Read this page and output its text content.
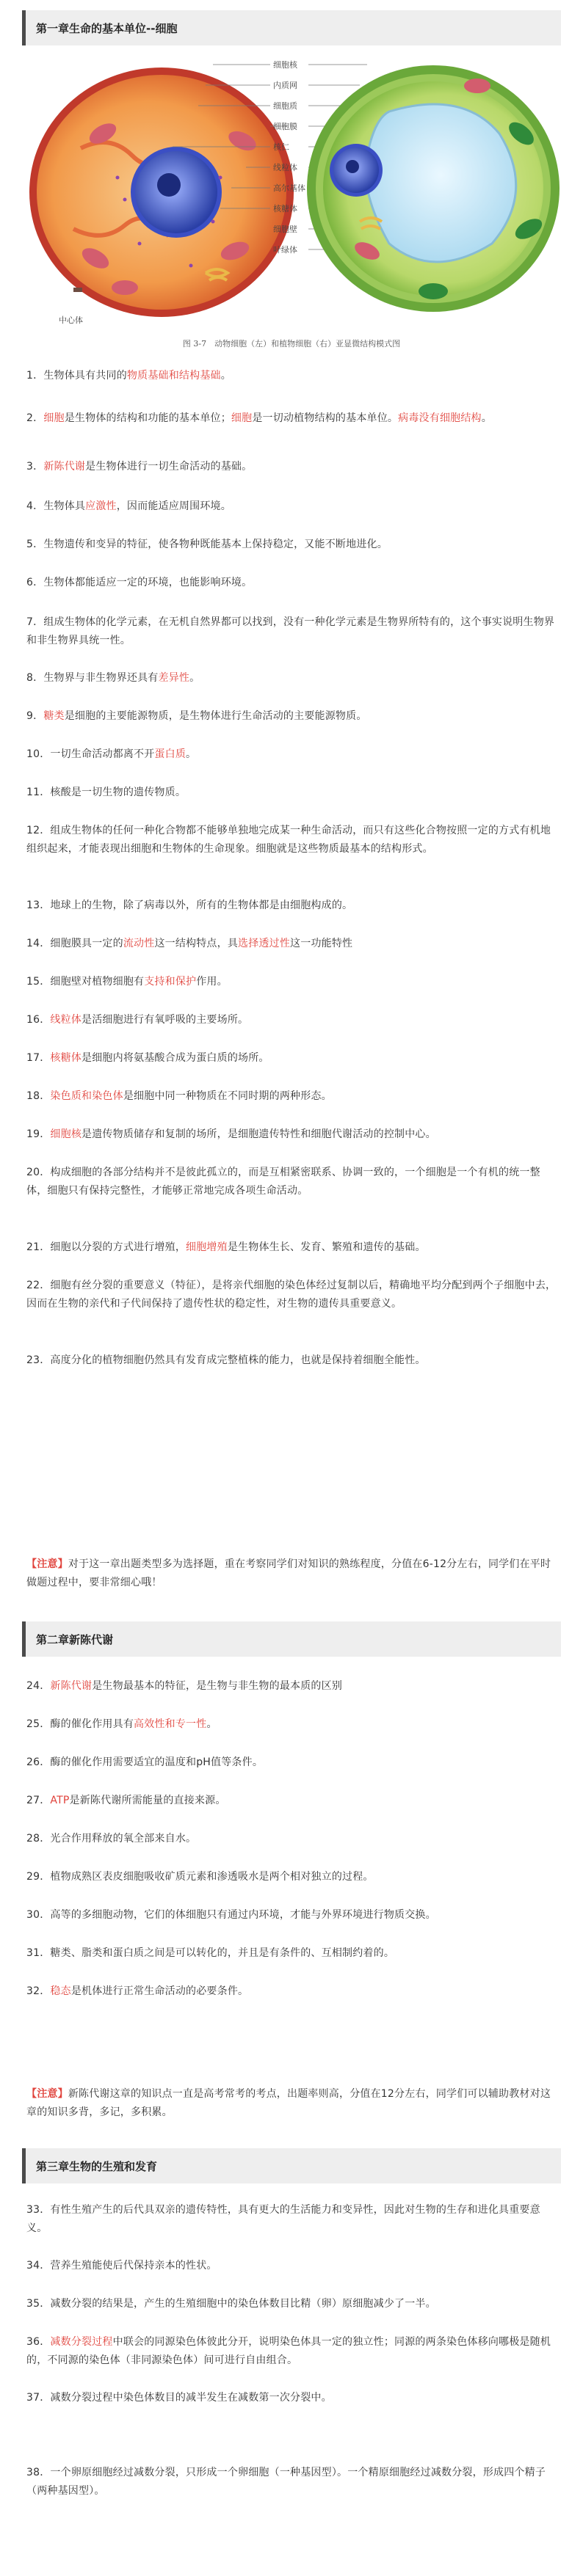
第一章生命的基本单位--细胞
中心体
细胞核
内质网
细胞质
细胞膜
核仁
线粒体
高尔基体
核糖体
细胞壁
叶绿体
图 3-7　动物细胞（左）和植物细胞（右）亚显微结构模式图
1．生物体具有共同的物质基础和结构基础。
2．细胞是生物体的结构和功能的基本单位；细胞是一切动植物结构的基本单位。病毒没有细胞结构。
3．新陈代谢是生物体进行一切生命活动的基础。
4．生物体具应激性，因而能适应周围环境。
5．生物遗传和变异的特征，使各物种既能基本上保持稳定，又能不断地进化。
6．生物体都能适应一定的环境，也能影响环境。
7．组成生物体的化学元素，在无机自然界都可以找到，没有一种化学元素是生物界所特有的，这个事实说明生物界和非生物界具统一性。
8．生物界与非生物界还具有差异性。
9．糖类是细胞的主要能源物质，是生物体进行生命活动的主要能源物质。
10．一切生命活动都离不开蛋白质。
11．核酸是一切生物的遗传物质。
12．组成生物体的任何一种化合物都不能够单独地完成某一种生命活动，而只有这些化合物按照一定的方式有机地组织起来，才能表现出细胞和生物体的生命现象。细胞就是这些物质最基本的结构形式。
13．地球上的生物，除了病毒以外，所有的生物体都是由细胞构成的。
14．细胞膜具一定的流动性这一结构特点，具选择透过性这一功能特性
15．细胞壁对植物细胞有支持和保护作用。
16．线粒体是活细胞进行有氧呼吸的主要场所。
17．核糖体是细胞内将氨基酸合成为蛋白质的场所。
18．染色质和染色体是细胞中同一种物质在不同时期的两种形态。
19．细胞核是遗传物质储存和复制的场所，是细胞遗传特性和细胞代谢活动的控制中心。
20．构成细胞的各部分结构并不是彼此孤立的，而是互相紧密联系、协调一致的，一个细胞是一个有机的统一整体，细胞只有保持完整性，才能够正常地完成各项生命活动。
21．细胞以分裂的方式进行增殖，细胞增殖是生物体生长、发育、繁殖和遗传的基础。
22．细胞有丝分裂的重要意义（特征），是将亲代细胞的染色体经过复制以后，精确地平均分配到两个子细胞中去，因而在生物的亲代和子代间保持了遗传性状的稳定性，对生物的遗传具重要意义。
23．高度分化的植物细胞仍然具有发育成完整植株的能力，也就是保持着细胞全能性。
【注意】对于这一章出题类型多为选择题，重在考察同学们对知识的熟练程度，分值在6-12分左右，同学们在平时做题过程中，要非常细心哦！
第二章新陈代谢
24．新陈代谢是生物最基本的特征，是生物与非生物的最本质的区别
25．酶的催化作用具有高效性和专一性。
26．酶的催化作用需要适宜的温度和pH值等条件。
27．ATP是新陈代谢所需能量的直接来源。
28．光合作用释放的氧全部来自水。
29．植物成熟区表皮细胞吸收矿质元素和渗透吸水是两个相对独立的过程。
30．高等的多细胞动物，它们的体细胞只有通过内环境，才能与外界环境进行物质交换。
31．糖类、脂类和蛋白质之间是可以转化的，并且是有条件的、互相制约着的。
32．稳态是机体进行正常生命活动的必要条件。
【注意】新陈代谢这章的知识点一直是高考常考的考点，出题率则高，分值在12分左右，同学们可以辅助教材对这章的知识多背，多记，多积累。
第三章生物的生殖和发育
33．有性生殖产生的后代具双亲的遗传特性，具有更大的生活能力和变异性，因此对生物的生存和进化具重要意义。
34．营养生殖能使后代保持亲本的性状。
35．减数分裂的结果是，产生的生殖细胞中的染色体数目比精（卵）原细胞减少了一半。
36．减数分裂过程中联会的同源染色体彼此分开，说明染色体具一定的独立性；同源的两条染色体移向哪极是随机的，不同源的染色体（非同源染色体）间可进行自由组合。
37．减数分裂过程中染色体数目的减半发生在减数第一次分裂中。
38．一个卵原细胞经过减数分裂，只形成一个卵细胞（一种基因型）。一个精原细胞经过减数分裂，形成四个精子（两种基因型）。
